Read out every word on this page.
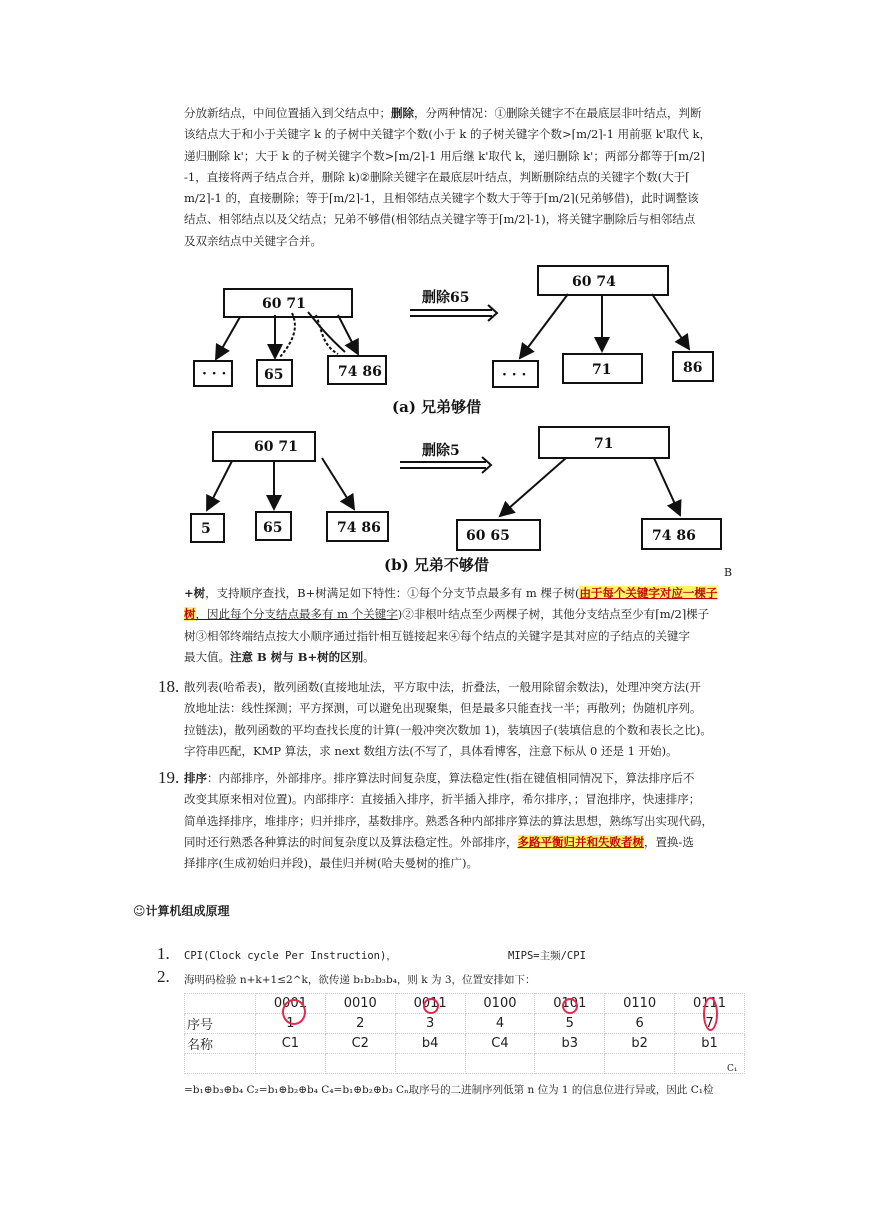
分放新结点，中间位置插入到父结点中；删除，分两种情况：①删除关键字不在最底层非叶结点，判断

该结点大于和小于关键字 k 的子树中关键字个数(小于 k 的子树关键字个数>⌈m/2⌉-1 用前驱 k'取代 k，

递归删除 k'；大于 k 的子树关键字个数>⌈m/2⌉-1 用后继 k'取代 k，递归删除 k'；两部分都等于⌈m/2⌉

-1，直接将两子结点合并，删除 k)②删除关键字在最底层叶结点，判断删除结点的关键字个数(大于⌈

m/2⌉-1 的，直接删除；等于⌈m/2⌉-1，且相邻结点关键字个数大于等于⌈m/2⌉(兄弟够借)，此时调整该

结点、相邻结点以及父结点；兄弟不够借(相邻结点关键字等于⌈m/2⌉-1)，将关键字删除后与相邻结点

及双亲结点中关键字合并。

60 71
· · ·	65	74 86
删除65
60 74
· · ·	71	86
(a) 兄弟够借
60 71
5	65	74 86
删除5	71
60 65	74 86
(b) 兄弟不够借	B

+树，支持顺序查找，B+树满足如下特性：①每个分支节点最多有 m 棵子树(由于每个关键字对应一棵子

树，因此每个分支结点最多有 m 个关键字)②非根叶结点至少两棵子树，其他分支结点至少有⌈m/2⌉棵子

树③相邻终端结点按大小顺序通过指针相互链接起来④每个结点的关键字是其对应的子结点的关键字

最大值。注意 B 树与 B+树的区别。

18. 散列表(哈希表)，散列函数(直接地址法，平方取中法，折叠法，一般用除留余数法)，处理冲突方法(开

放地址法：线性探测；平方探测，可以避免出现聚集，但是最多只能查找一半；再散列；伪随机序列。

拉链法)，散列函数的平均查找长度的计算(一般冲突次数加 1)，装填因子(装填信息的个数和表长之比)。

字符串匹配，KMP 算法，求 next 数组方法(不写了，具体看博客，注意下标从 0 还是 1 开始)。

19. 排序：内部排序，外部排序。排序算法时间复杂度，算法稳定性(指在键值相同情况下，算法排序后不

改变其原来相对位置)。内部排序：直接插入排序，折半插入排序，希尔排序，；冒泡排序，快速排序；

简单选择排序，堆排序；归并排序，基数排序。熟悉各种内部排序算法的算法思想，熟练写出实现代码，

同时还行熟悉各种算法的时间复杂度以及算法稳定性。外部排序，多路平衡归并和失败者树，置换-选

择排序(生成初始归并段)，最佳归并树(哈夫曼树的推广)。

☺计算机组成原理
1. CPI(Clock cycle Per Instruction)，	MIPS=主频/CPI
2. 海明码检验 n+k+1≤2^k，欲传递 b₁b₂b₃b₄，则 k 为 3，位置安排如下：
	0001	0010	0011	0100	0101	0110	0111
序号	1	2	3	4	5	6	7
名称	C1	C2	b4	C4	b3	b2	b1

C₁
=b₁⊕b₃⊕b₄ C₂=b₁⊕b₂⊕b₄ C₄=b₁⊕b₂⊕b₃ Cₙ取序号的二进制序列低第 n 位为 1 的信息位进行异或，因此 C₁检
